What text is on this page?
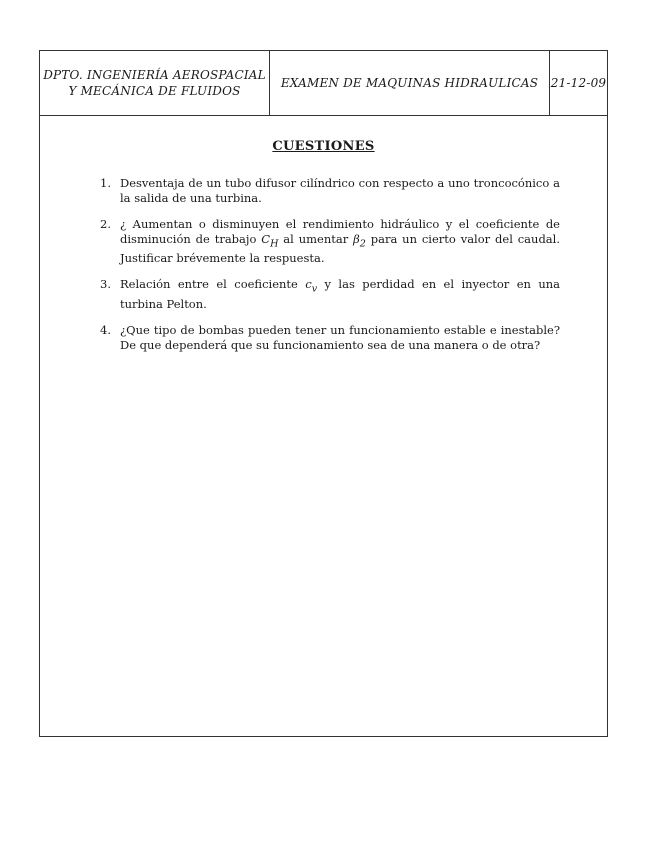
DPTO. INGENIERÍA AEROSPACIAL
Y MECÁNICA DE FLUIDOS
EXAMEN DE MAQUINAS HIDRAULICAS 21-12-09
CUESTIONES
1. Desventaja de un tubo difusor cilíndrico con respecto a uno troncocónico a la salida de una turbina.
2. ¿ Aumentan o disminuyen el rendimiento hidráulico y el coeficiente de disminución de trabajo $C_H$ al umentar $\beta_2$ para un cierto valor del caudal. Justificar brévemente la respuesta.
3. Relación entre el coeficiente $c_v$ y las perdidad en el inyector en una turbina Pelton.
4. ¿Que tipo de bombas pueden tener un funcionamiento estable e inestable? De que dependerá que su funcionamiento sea de una manera o de otra?
